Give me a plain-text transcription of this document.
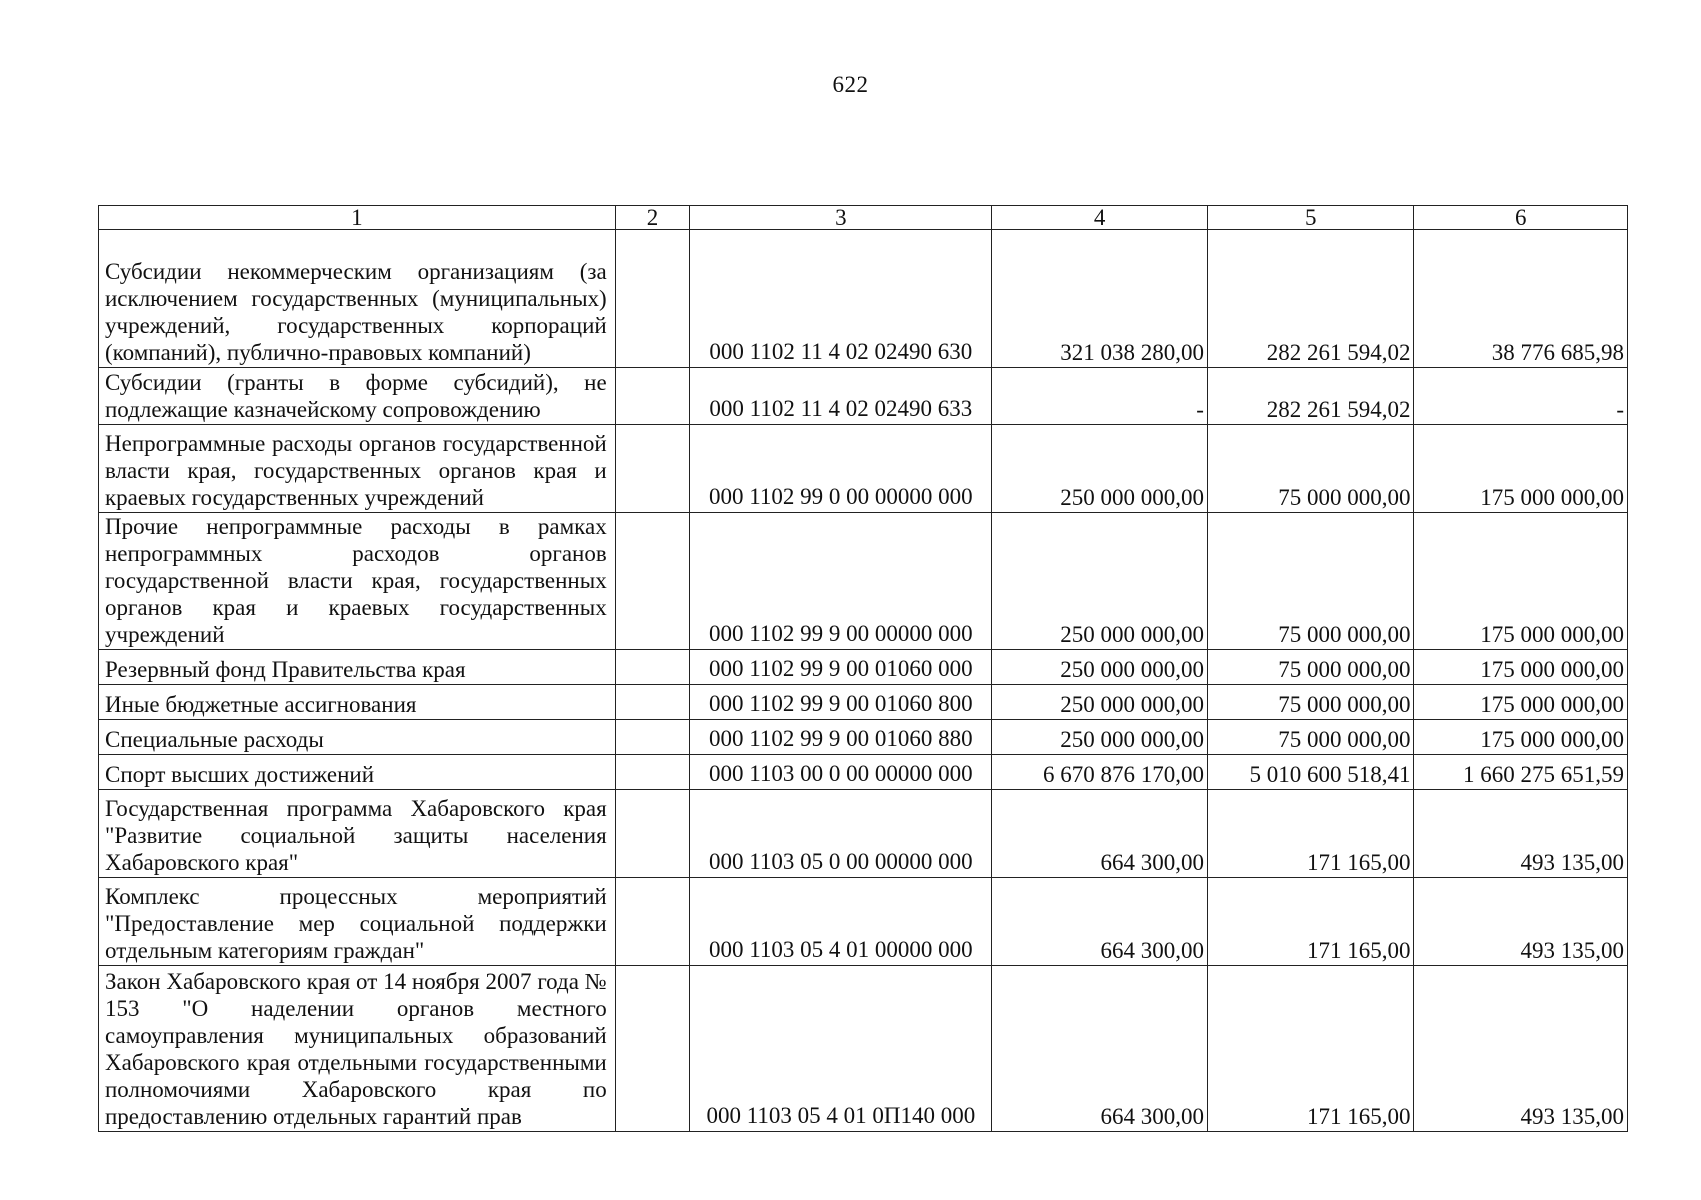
622
1	2	3	4	5	6
Субсидии некоммерческим организациям (за исключением государственных (муниципальных) учреждений, государственных корпораций (компаний), публично-правовых компаний)		000 1102 11 4 02 02490 630	321 038 280,00	282 261 594,02	38 776 685,98
Субсидии (гранты в форме субсидий), не подлежащие казначейскому сопровождению		000 1102 11 4 02 02490 633	-	282 261 594,02	-
Непрограммные расходы органов государственной власти края, государственных органов края и краевых государственных учреждений		000 1102 99 0 00 00000 000	250 000 000,00	75 000 000,00	175 000 000,00
Прочие непрограммные расходы в рамках непрограммных расходов органов государственной власти края, государственных органов края и краевых государственных учреждений		000 1102 99 9 00 00000 000	250 000 000,00	75 000 000,00	175 000 000,00
Резервный фонд Правительства края		000 1102 99 9 00 01060 000	250 000 000,00	75 000 000,00	175 000 000,00
Иные бюджетные ассигнования		000 1102 99 9 00 01060 800	250 000 000,00	75 000 000,00	175 000 000,00
Специальные расходы		000 1102 99 9 00 01060 880	250 000 000,00	75 000 000,00	175 000 000,00
Спорт высших достижений		000 1103 00 0 00 00000 000	6 670 876 170,00	5 010 600 518,41	1 660 275 651,59
Государственная программа Хабаровского края "Развитие социальной защиты населения Хабаровского края"		000 1103 05 0 00 00000 000	664 300,00	171 165,00	493 135,00
Комплекс процессных мероприятий "Предоставление мер социальной поддержки отдельным категориям граждан"		000 1103 05 4 01 00000 000	664 300,00	171 165,00	493 135,00
Закон Хабаровского края от 14 ноября 2007 года № 153 "О наделении органов местного самоуправления муниципальных образований Хабаровского края отдельными государственными полномочиями Хабаровского края по предоставлению отдельных гарантий прав		000 1103 05 4 01 0П140 000	664 300,00	171 165,00	493 135,00
